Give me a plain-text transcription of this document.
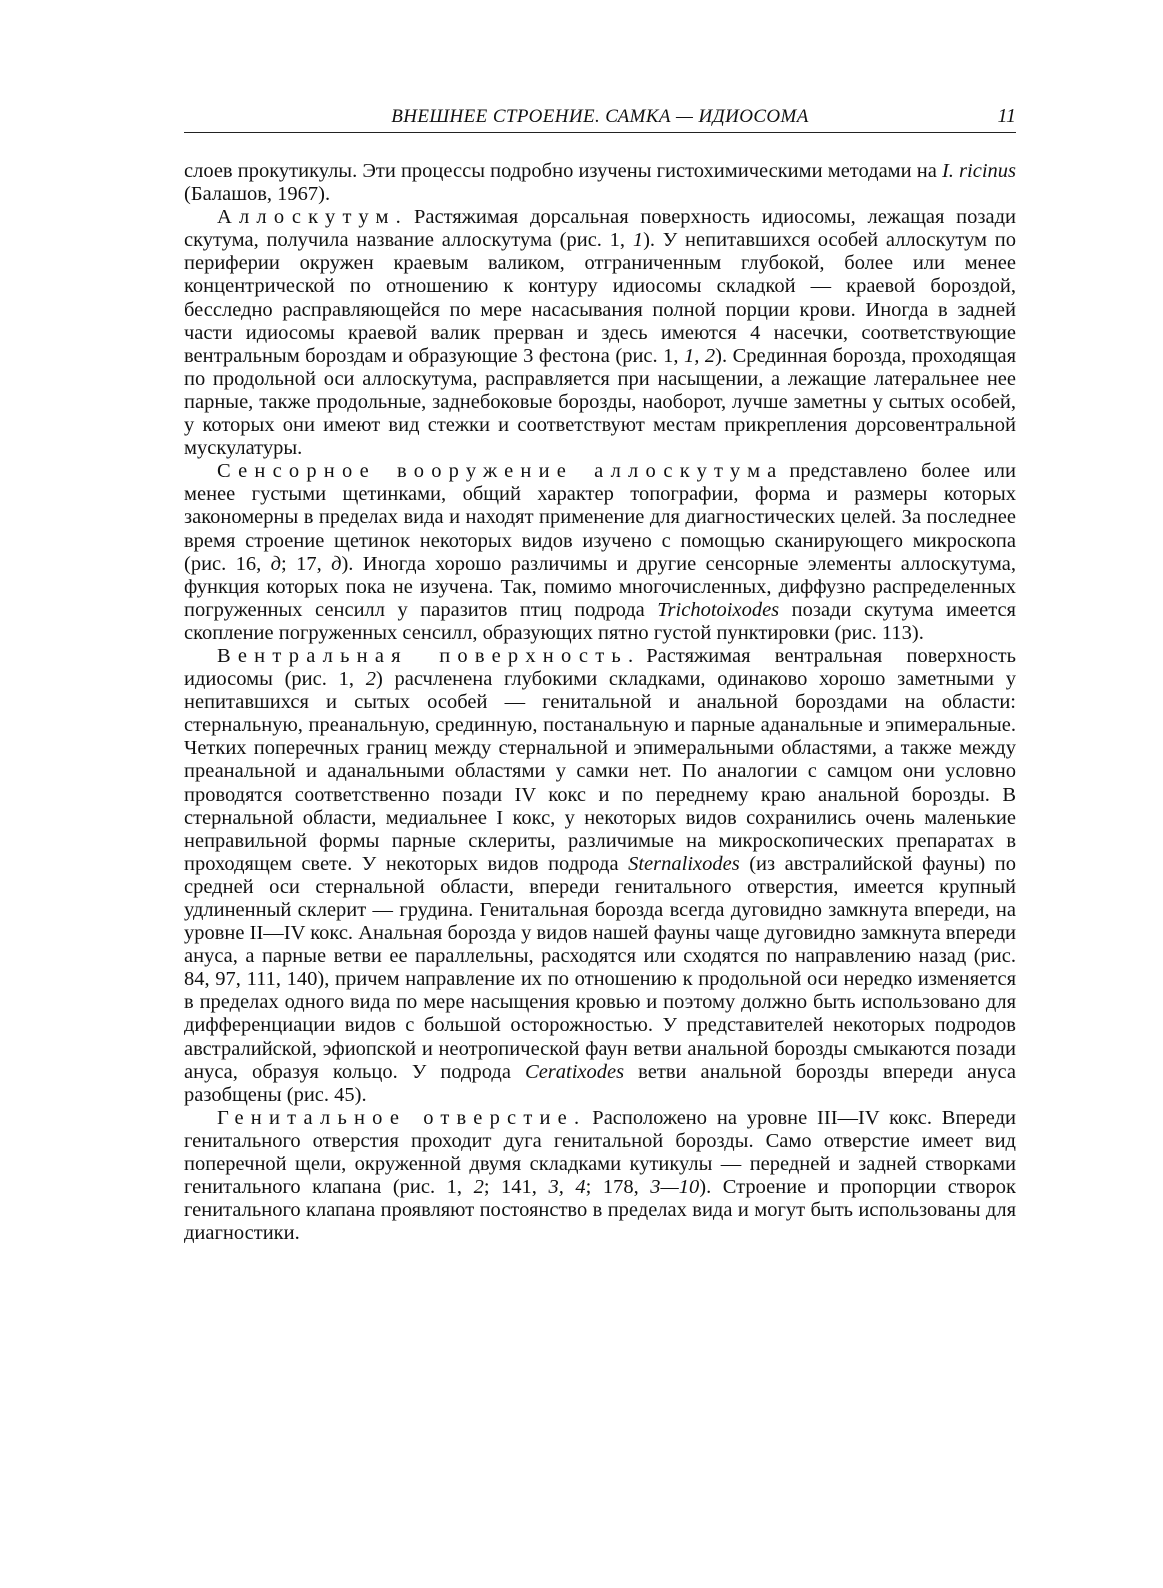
ВНЕШНЕЕ СТРОЕНИЕ. САМКА — ИДИОСОМА	11

слоев прокутикулы. Эти процессы подробно изучены гистохимическими методами на I. ricinus (Балашов, 1967).

Аллоскутум. Растяжимая дорсальная поверхность идиосомы, лежащая позади скутума, получила название аллоскутума (рис. 1, 1). У непитавшихся особей аллоскутум по периферии окружен краевым валиком, отграниченным глубокой, более или менее концентрической по отношению к контуру идиосомы складкой — краевой бороздой, бесследно расправляющейся по мере насасывания полной порции крови. Иногда в задней части идиосомы краевой валик прерван и здесь имеются 4 насечки, соответствующие вентральным бороздам и образующие 3 фестона (рис. 1, 1, 2). Срединная борозда, проходящая по продольной оси аллоскутума, расправляется при насыщении, а лежащие латеральнее нее парные, также продольные, заднебоковые борозды, наоборот, лучше заметны у сытых особей, у которых они имеют вид стежки и соответствуют местам прикрепления дорсовентральной мускулатуры.

Сенсорное вооружение аллоскутума представлено более или менее густыми щетинками, общий характер топографии, форма и размеры которых закономерны в пределах вида и находят применение для диагностических целей. За последнее время строение щетинок некоторых видов изучено с помощью сканирующего микроскопа (рис. 16, д; 17, д). Иногда хорошо различимы и другие сенсорные элементы аллоскутума, функция которых пока не изучена. Так, помимо многочисленных, диффузно распределенных погруженных сенсилл у паразитов птиц подрода Trichotoixodes позади скутума имеется скопление погруженных сенсилл, образующих пятно густой пунктировки (рис. 113).

Вентральная поверхность. Растяжимая вентральная поверхность идиосомы (рис. 1, 2) расчленена глубокими складками, одинаково хорошо заметными у непитавшихся и сытых особей — генитальной и анальной бороздами на области: стернальную, преанальную, срединную, постанальную и парные аданальные и эпимеральные. Четких поперечных границ между стернальной и эпимеральными областями, а также между преанальной и аданальными областями у самки нет. По аналогии с самцом они условно проводятся соответственно позади IV кокс и по переднему краю анальной борозды. В стернальной области, медиальнее I кокс, у некоторых видов сохранились очень маленькие неправильной формы парные склериты, различимые на микроскопических препаратах в проходящем свете. У некоторых видов подрода Sternalixodes (из австралийской фауны) по средней оси стернальной области, впереди генитального отверстия, имеется крупный удлиненный склерит — грудина. Генитальная борозда всегда дуговидно замкнута впереди, на уровне II—IV кокс. Анальная борозда у видов нашей фауны чаще дуговидно замкнута впереди ануса, а парные ветви ее параллельны, расходятся или сходятся по направлению назад (рис. 84, 97, 111, 140), причем направление их по отношению к продольной оси нередко изменяется в пределах одного вида по мере насыщения кровью и поэтому должно быть использовано для дифференциации видов с большой осторожностью. У представителей некоторых подродов австралийской, эфиопской и неотропической фаун ветви анальной борозды смыкаются позади ануса, образуя кольцо. У подрода Ceratixodes ветви анальной борозды впереди ануса разобщены (рис. 45).

Генитальное отверстие. Расположено на уровне III—IV кокс. Впереди генитального отверстия проходит дуга генитальной борозды. Само отверстие имеет вид поперечной щели, окруженной двумя складками кутикулы — передней и задней створками генитального клапана (рис. 1, 2; 141, 3, 4; 178, 3—10). Строение и пропорции створок генитального клапана проявляют постоянство в пределах вида и могут быть использованы для диагностики.
